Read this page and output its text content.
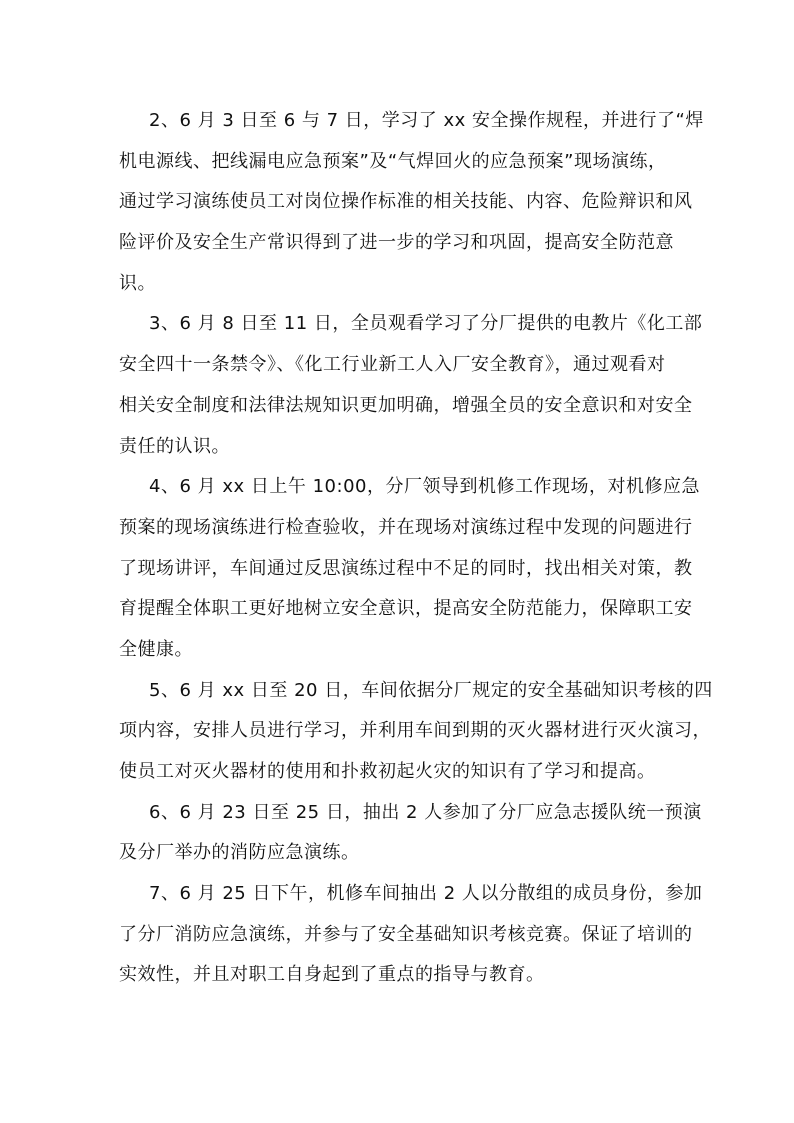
2、6 月 3 日至 6 与 7 日，学习了 xx 安全操作规程，并进行了“焊
机电源线、把线漏电应急预案”及“气焊回火的应急预案”现场演练，
通过学习演练使员工对岗位操作标准的相关技能、内容、危险辩识和风
险评价及安全生产常识得到了进一步的学习和巩固，提高安全防范意
识。

3、6 月 8 日至 11 日，全员观看学习了分厂提供的电教片《化工部
安全四十一条禁令》、《化工行业新工人入厂安全教育》，通过观看对
相关安全制度和法律法规知识更加明确，增强全员的安全意识和对安全
责任的认识。

4、6 月 xx 日上午 10:00，分厂领导到机修工作现场，对机修应急
预案的现场演练进行检查验收，并在现场对演练过程中发现的问题进行
了现场讲评，车间通过反思演练过程中不足的同时，找出相关对策，教
育提醒全体职工更好地树立安全意识，提高安全防范能力，保障职工安
全健康。

5、6 月 xx 日至 20 日，车间依据分厂规定的安全基础知识考核的四
项内容，安排人员进行学习，并利用车间到期的灭火器材进行灭火演习，
使员工对灭火器材的使用和扑救初起火灾的知识有了学习和提高。

6、6 月 23 日至 25 日，抽出 2 人参加了分厂应急志援队统一预演
及分厂举办的消防应急演练。

7、6 月 25 日下午，机修车间抽出 2 人以分散组的成员身份，参加
了分厂消防应急演练，并参与了安全基础知识考核竞赛。保证了培训的
实效性，并且对职工自身起到了重点的指导与教育。
